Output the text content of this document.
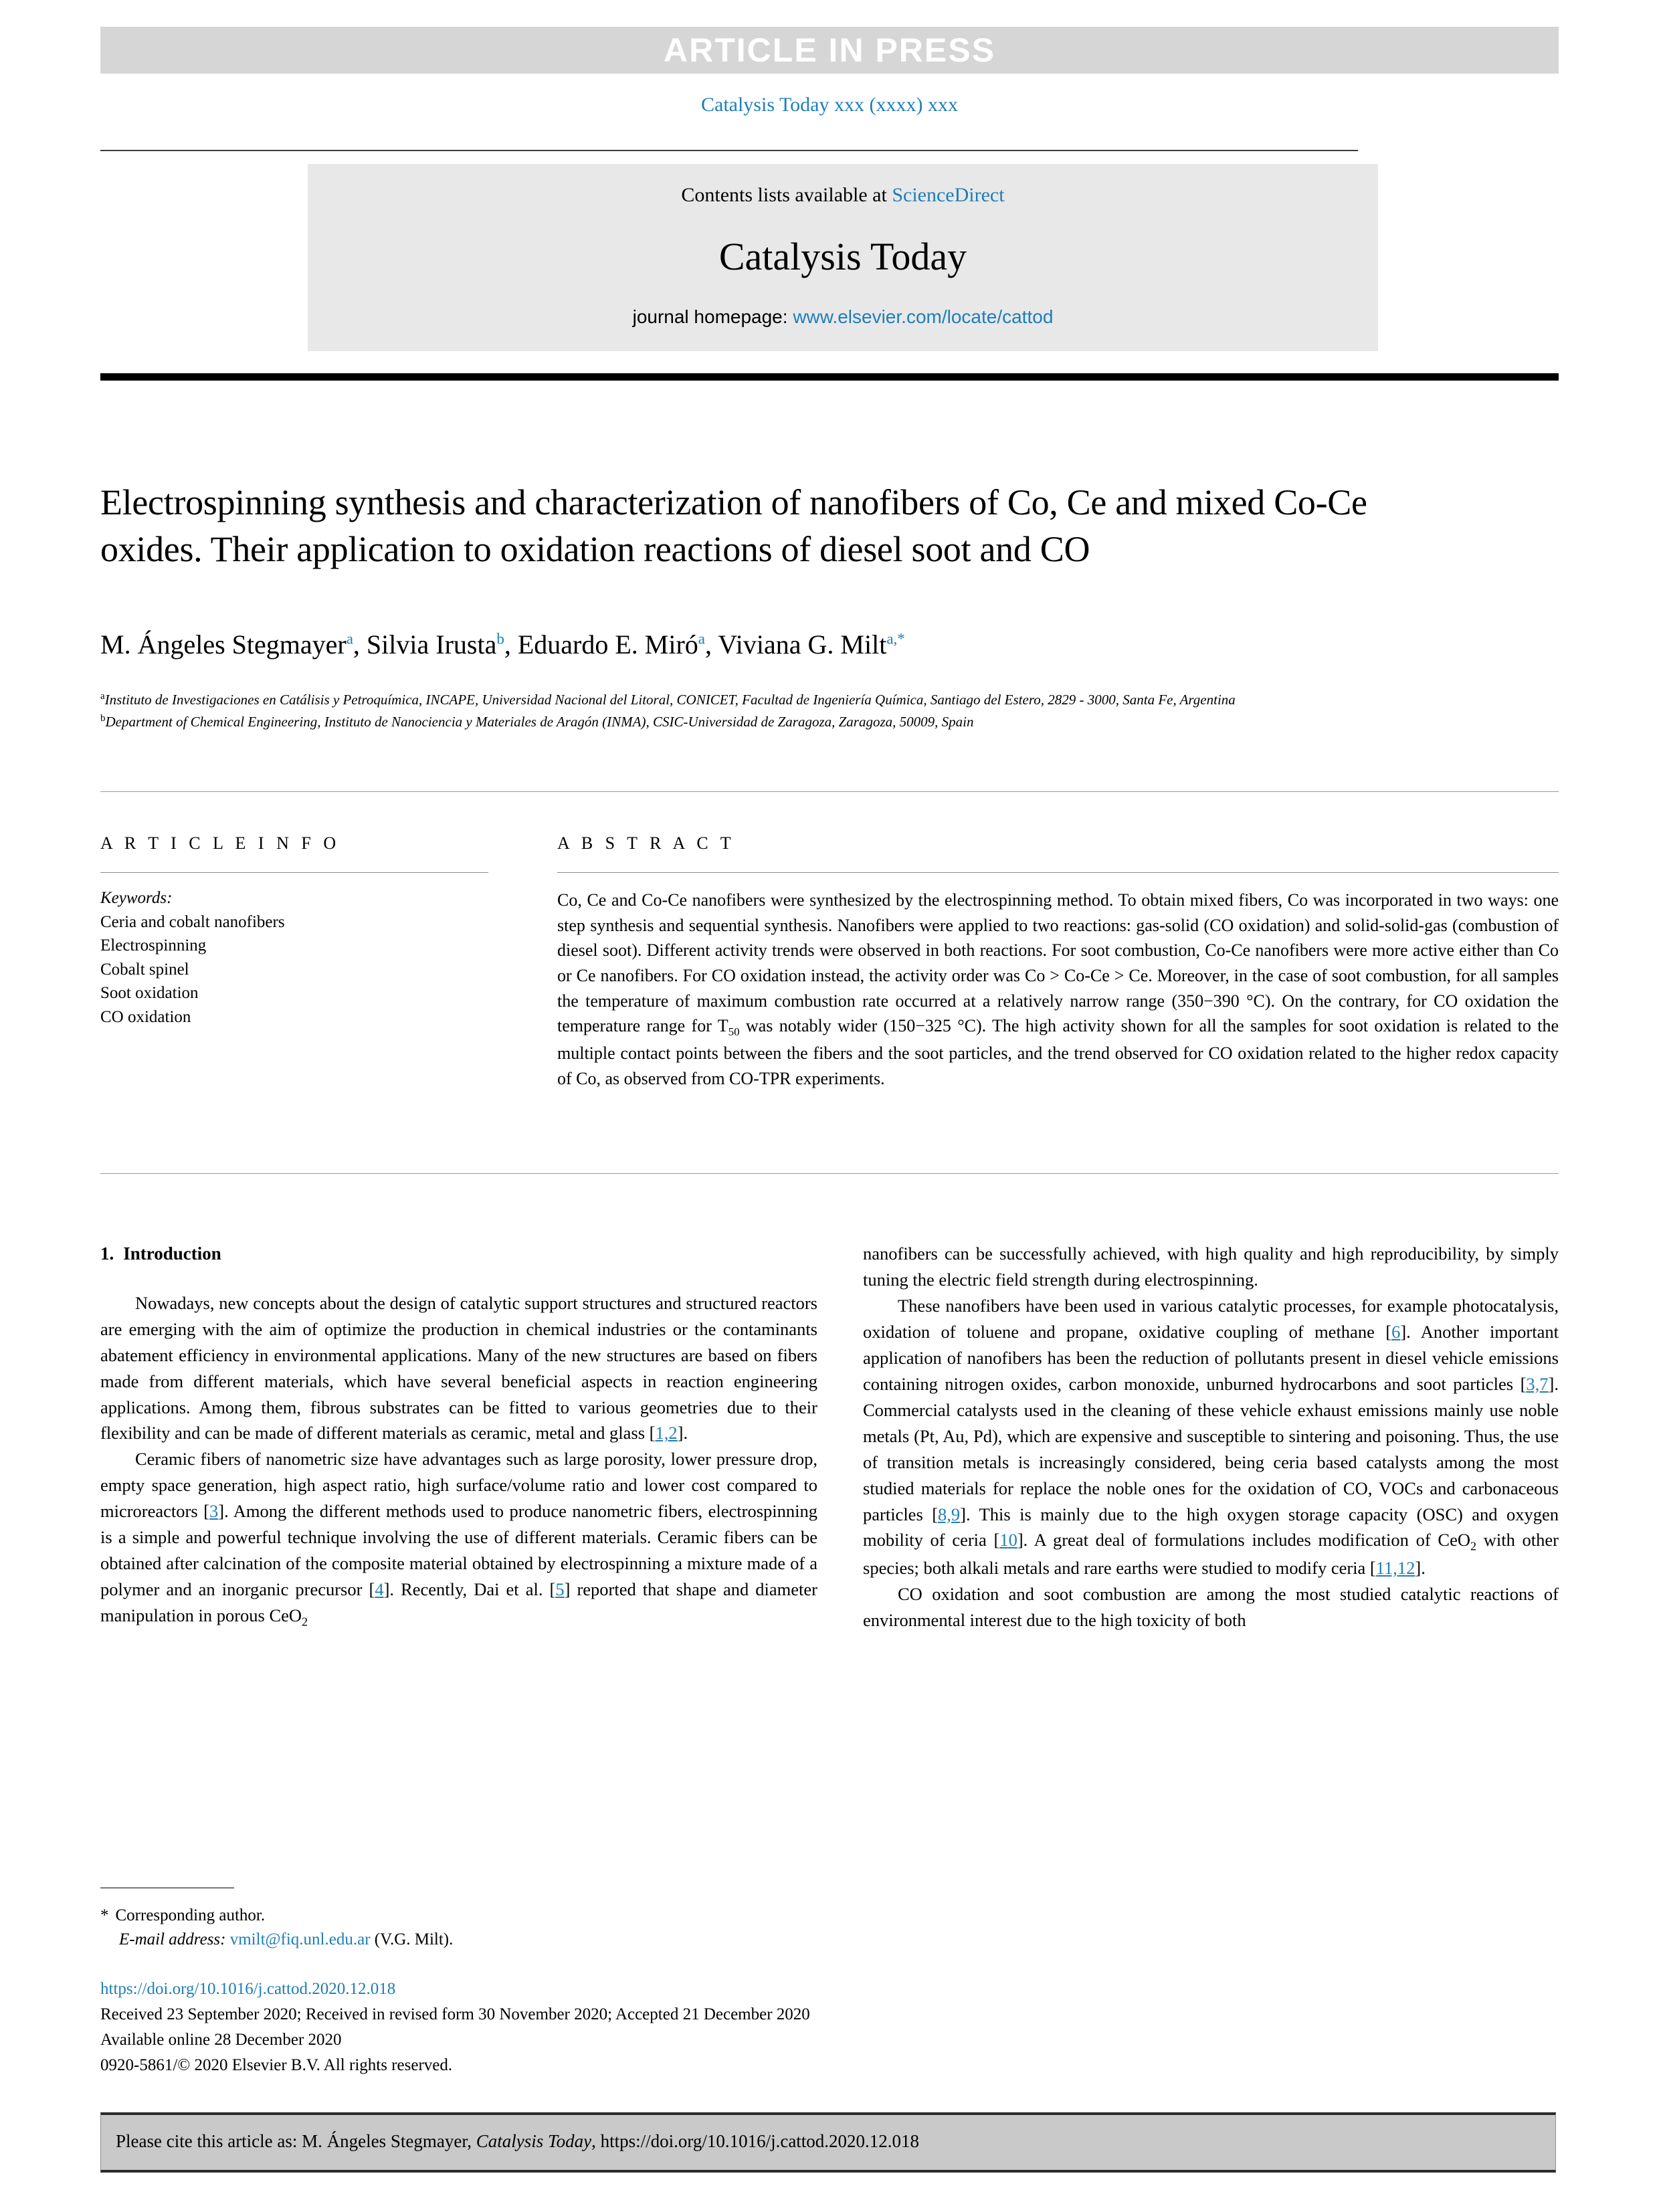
ARTICLE IN PRESS
Catalysis Today xxx (xxxx) xxx
Contents lists available at ScienceDirect
Catalysis Today
journal homepage: www.elsevier.com/locate/cattod
Electrospinning synthesis and characterization of nanofibers of Co, Ce and mixed Co-Ce oxides. Their application to oxidation reactions of diesel soot and CO
M. Ángeles Stegmayer$^a$, Silvia Irusta$^b$, Eduardo E. Miró$^a$, Viviana G. Milt$^{a,*}$
$^a$Instituto de Investigaciones en Catálisis y Petroquímica, INCAPE, Universidad Nacional del Litoral, CONICET, Facultad de Ingeniería Química, Santiago del Estero, 2829 - 3000, Santa Fe, Argentina
$^b$Department of Chemical Engineering, Instituto de Nanociencia y Materiales de Aragón (INMA), CSIC-Universidad de Zaragoza, Zaragoza, 50009, Spain
A R T I C L E I N F O
Keywords:
Ceria and cobalt nanofibers
Electrospinning
Cobalt spinel
Soot oxidation
CO oxidation
A B S T R A C T
Co, Ce and Co-Ce nanofibers were synthesized by the electrospinning method. To obtain mixed fibers, Co was incorporated in two ways: one step synthesis and sequential synthesis. Nanofibers were applied to two reactions: gas-solid (CO oxidation) and solid-solid-gas (combustion of diesel soot). Different activity trends were observed in both reactions. For soot combustion, Co-Ce nanofibers were more active either than Co or Ce nanofibers. For CO oxidation instead, the activity order was Co > Co-Ce > Ce. Moreover, in the case of soot combustion, for all samples the temperature of maximum combustion rate occurred at a relatively narrow range (350−390 °C). On the contrary, for CO oxidation the temperature range for $T_{50}$ was notably wider (150−325 °C). The high activity shown for all the samples for soot oxidation is related to the multiple contact points between the fibers and the soot particles, and the trend observed for CO oxidation related to the higher redox capacity of Co, as observed from CO-TPR experiments.
1. Introduction

Nowadays, new concepts about the design of catalytic support structures and structured reactors are emerging with the aim of optimize the production in chemical industries or the contaminants abatement efficiency in environmental applications. Many of the new structures are based on fibers made from different materials, which have several beneficial aspects in reaction engineering applications. Among them, fibrous substrates can be fitted to various geometries due to their flexibility and can be made of different materials as ceramic, metal and glass [1,2].

Ceramic fibers of nanometric size have advantages such as large porosity, lower pressure drop, empty space generation, high aspect ratio, high surface/volume ratio and lower cost compared to microreactors [3]. Among the different methods used to produce nanometric fibers, electrospinning is a simple and powerful technique involving the use of different materials. Ceramic fibers can be obtained after calcination of the composite material obtained by electrospinning a mixture made of a polymer and an inorganic precursor [4]. Recently, Dai et al. [5] reported that shape and diameter manipulation in porous CeO$_2$

nanofibers can be successfully achieved, with high quality and high reproducibility, by simply tuning the electric field strength during electrospinning.

These nanofibers have been used in various catalytic processes, for example photocatalysis, oxidation of toluene and propane, oxidative coupling of methane [6]. Another important application of nanofibers has been the reduction of pollutants present in diesel vehicle emissions containing nitrogen oxides, carbon monoxide, unburned hydrocarbons and soot particles [3,7]. Commercial catalysts used in the cleaning of these vehicle exhaust emissions mainly use noble metals (Pt, Au, Pd), which are expensive and susceptible to sintering and poisoning. Thus, the use of transition metals is increasingly considered, being ceria based catalysts among the most studied materials for replace the noble ones for the oxidation of CO, VOCs and carbonaceous particles [8,9]. This is mainly due to the high oxygen storage capacity (OSC) and oxygen mobility of ceria [10]. A great deal of formulations includes modification of CeO$_2$ with other species; both alkali metals and rare earths were studied to modify ceria [11,12].

CO oxidation and soot combustion are among the most studied catalytic reactions of environmental interest due to the high toxicity of both

* Corresponding author.
E-mail address: vmilt@fiq.unl.edu.ar (V.G. Milt).
https://doi.org/10.1016/j.cattod.2020.12.018
Received 23 September 2020; Received in revised form 30 November 2020; Accepted 21 December 2020
Available online 28 December 2020
0920-5861/© 2020 Elsevier B.V. All rights reserved.
Please cite this article as: M. Ángeles Stegmayer, Catalysis Today, https://doi.org/10.1016/j.cattod.2020.12.018
